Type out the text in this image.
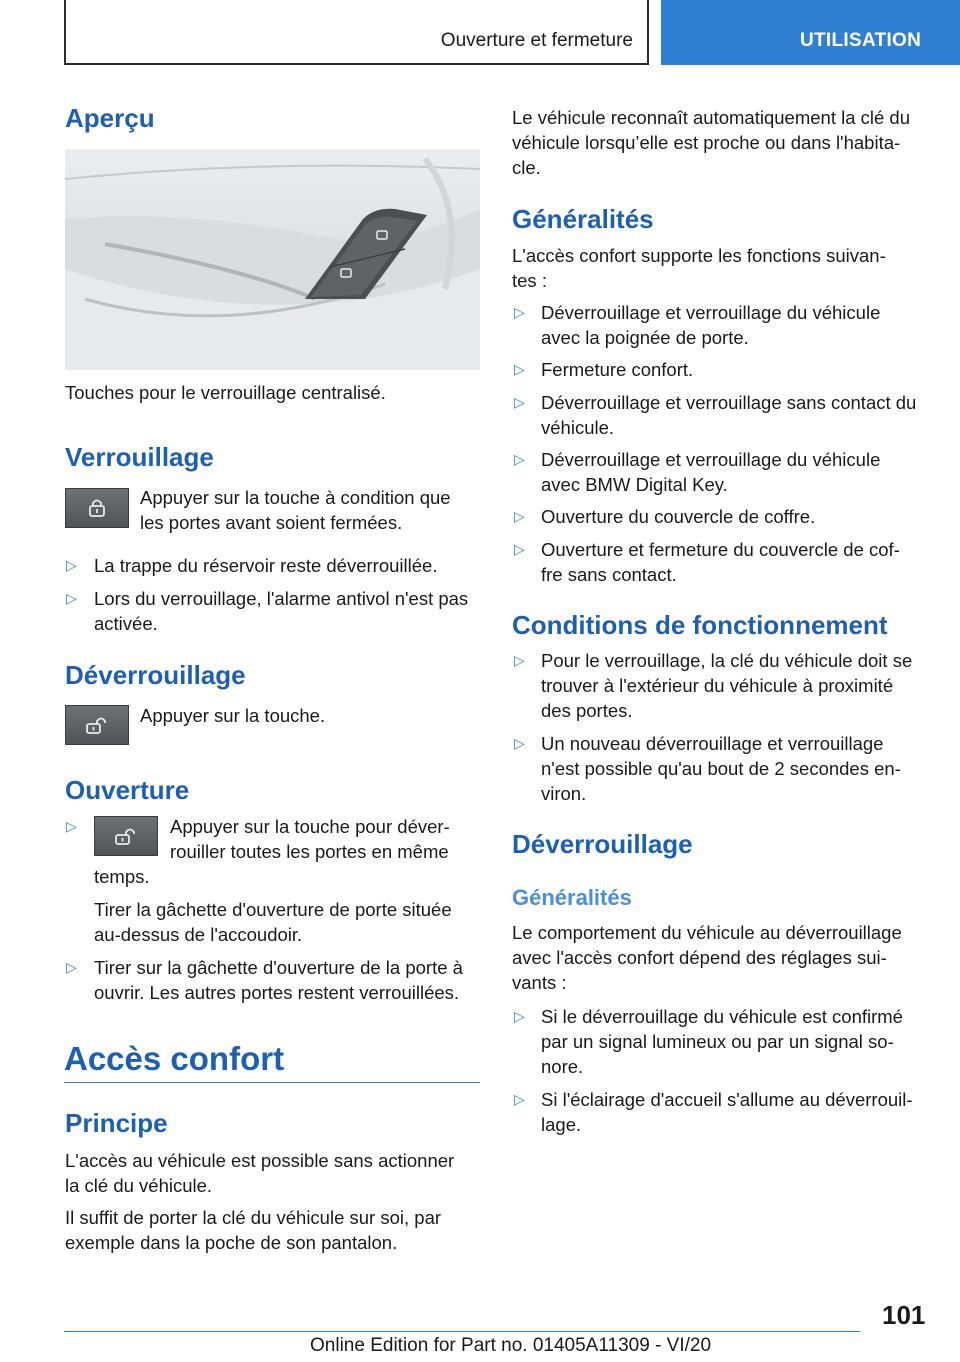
Ouverture et fermeture	UTILISATION
Aperçu
Touches pour le verrouillage centralisé.
Verrouillage
Appuyer sur la touche à condition que
les portes avant soient fermées.
▷ La trappe du réservoir reste déverrouillée.
▷ Lors du verrouillage, l'alarme antivol n'est pas
activée.
Déverrouillage
Appuyer sur la touche.
Ouverture
▷	Appuyer sur la touche pour déver-
rouiller toutes les portes en même
temps.
Tirer la gâchette d'ouverture de porte située
au-dessus de l'accoudoir.
▷ Tirer sur la gâchette d'ouverture de la porte à
ouvrir. Les autres portes restent verrouillées.
Accès confort
Principe
L'accès au véhicule est possible sans actionner
la clé du véhicule.
Il suffit de porter la clé du véhicule sur soi, par
exemple dans la poche de son pantalon.
Le véhicule reconnaît automatiquement la clé du
véhicule lorsqu’elle est proche ou dans l'habita-
cle.
Généralités
L'accès confort supporte les fonctions suivan-
tes :
▷ Déverrouillage et verrouillage du véhicule
avec la poignée de porte.
▷ Fermeture confort.
▷ Déverrouillage et verrouillage sans contact du
véhicule.
▷ Déverrouillage et verrouillage du véhicule
avec BMW Digital Key.
▷ Ouverture du couvercle de coffre.
▷ Ouverture et fermeture du couvercle de cof-
fre sans contact.
Conditions de fonctionnement
▷ Pour le verrouillage, la clé du véhicule doit se
trouver à l'extérieur du véhicule à proximité
des portes.
▷ Un nouveau déverrouillage et verrouillage
n'est possible qu'au bout de 2 secondes en-
viron.
Déverrouillage
Généralités
Le comportement du véhicule au déverrouillage
avec l'accès confort dépend des réglages sui-
vants :
▷ Si le déverrouillage du véhicule est confirmé
par un signal lumineux ou par un signal so-
nore.
▷ Si l'éclairage d'accueil s'allume au déverrouil-
lage.
101
Online Edition for Part no. 01405A11309 - VI/20
